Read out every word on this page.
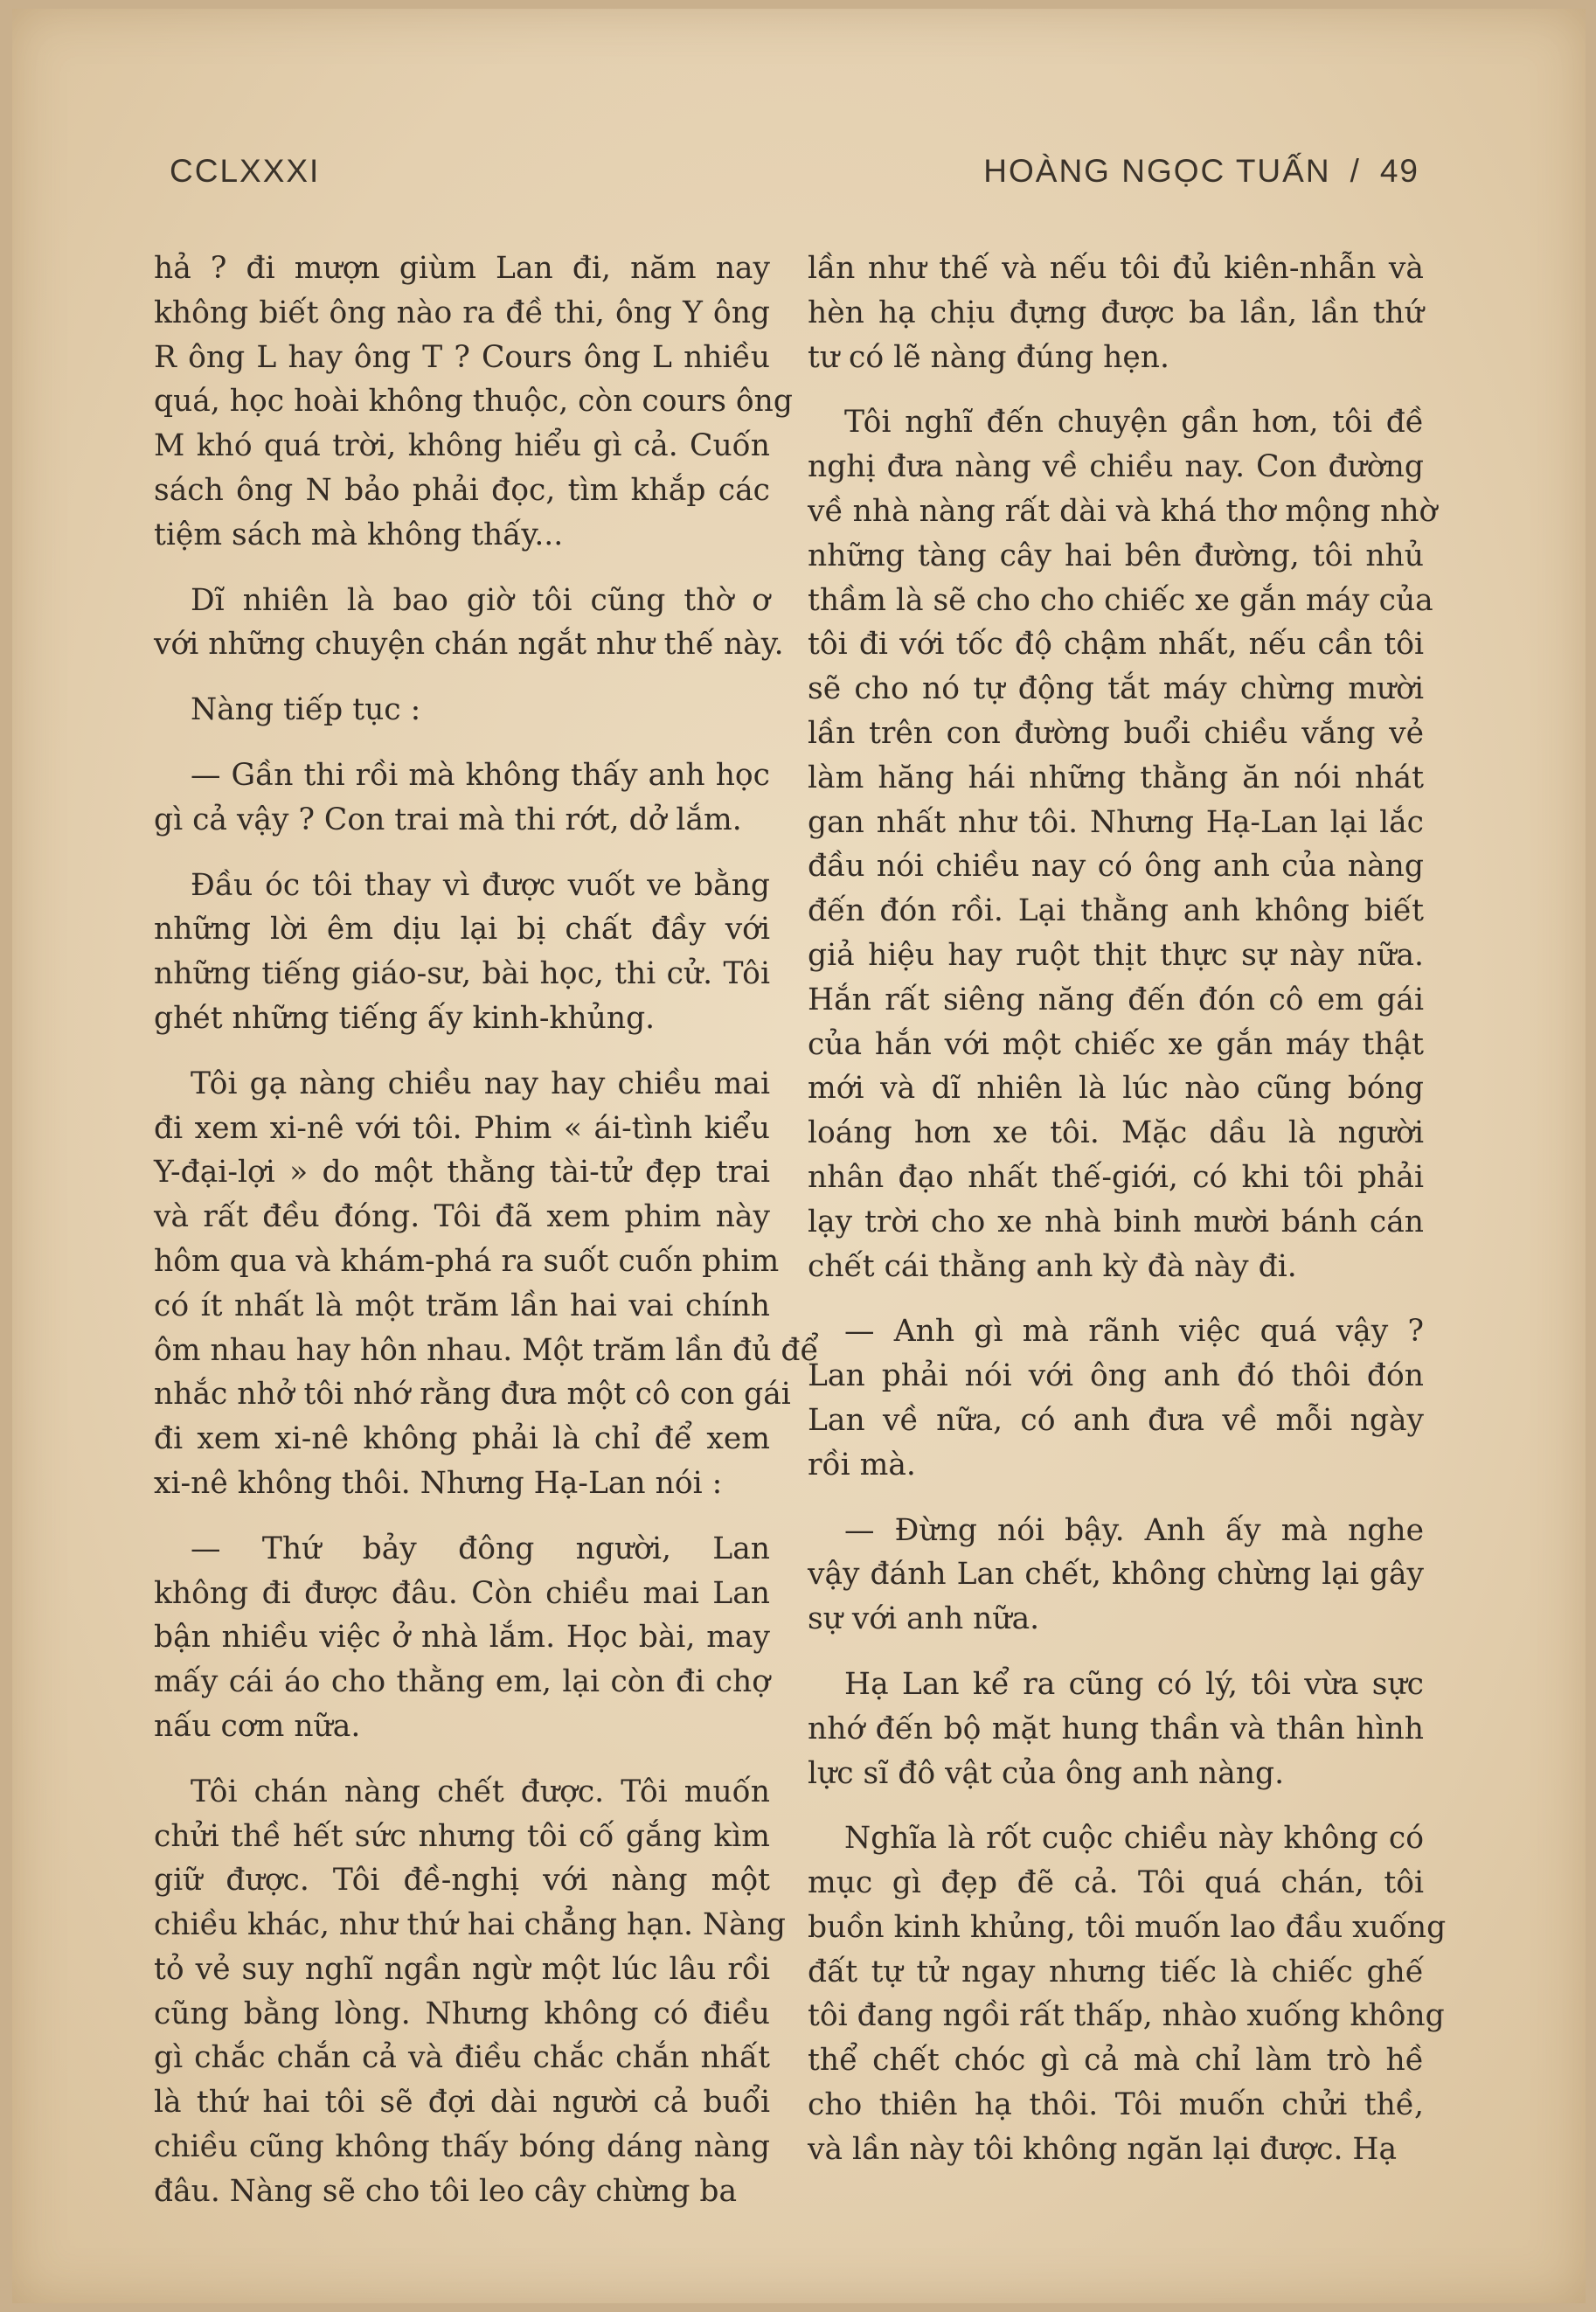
CCLXXXI	HOÀNG NGỌC TUẤN / 49
hả ? đi mượn giùm Lan đi, năm nay
không biết ông nào ra đề thi, ông Y ông
R ông L hay ông T ? Cours ông L nhiều
quá, học hoài không thuộc, còn cours ông
M khó quá trời, không hiểu gì cả. Cuốn
sách ông N bảo phải đọc, tìm khắp các
tiệm sách mà không thấy...
Dĩ nhiên là bao giờ tôi cũng thờ ơ
với những chuyện chán ngắt như thế này.
Nàng tiếp tục :
— Gần thi rồi mà không thấy anh học
gì cả vậy ? Con trai mà thi rớt, dở lắm.
Đầu óc tôi thay vì được vuốt ve bằng
những lời êm dịu lại bị chất đầy với
những tiếng giáo-sư, bài học, thi cử. Tôi
ghét những tiếng ấy kinh-khủng.
Tôi gạ nàng chiều nay hay chiều mai
đi xem xi-nê với tôi. Phim « ái-tình kiểu
Y-đại-lợi » do một thằng tài-tử đẹp trai
và rất đều đóng. Tôi đã xem phim này
hôm qua và khám-phá ra suốt cuốn phim
có ít nhất là một trăm lần hai vai chính
ôm nhau hay hôn nhau. Một trăm lần đủ để
nhắc nhở tôi nhớ rằng đưa một cô con gái
đi xem xi-nê không phải là chỉ để xem
xi-nê không thôi. Nhưng Hạ-Lan nói :
— Thứ bảy đông người, Lan
không đi được đâu. Còn chiều mai Lan
bận nhiều việc ở nhà lắm. Học bài, may
mấy cái áo cho thằng em, lại còn đi chợ
nấu cơm nữa.
Tôi chán nàng chết được. Tôi muốn
chửi thề hết sức nhưng tôi cố gắng kìm
giữ được. Tôi đề-nghị với nàng một
chiều khác, như thứ hai chẳng hạn. Nàng
tỏ vẻ suy nghĩ ngần ngừ một lúc lâu rồi
cũng bằng lòng. Nhưng không có điều
gì chắc chắn cả và điều chắc chắn nhất
là thứ hai tôi sẽ đợi dài người cả buổi
chiều cũng không thấy bóng dáng nàng
đâu. Nàng sẽ cho tôi leo cây chừng ba
lần như thế và nếu tôi đủ kiên-nhẫn và
hèn hạ chịu đựng được ba lần, lần thứ
tư có lẽ nàng đúng hẹn.
Tôi nghĩ đến chuyện gần hơn, tôi đề
nghị đưa nàng về chiều nay. Con đường
về nhà nàng rất dài và khá thơ mộng nhờ
những tàng cây hai bên đường, tôi nhủ
thầm là sẽ cho cho chiếc xe gắn máy của
tôi đi với tốc độ chậm nhất, nếu cần tôi
sẽ cho nó tự động tắt máy chừng mười
lần trên con đường buổi chiều vắng vẻ
làm hăng hái những thằng ăn nói nhát
gan nhất như tôi. Nhưng Hạ-Lan lại lắc
đầu nói chiều nay có ông anh của nàng
đến đón rồi. Lại thằng anh không biết
giả hiệu hay ruột thịt thực sự này nữa.
Hắn rất siêng năng đến đón cô em gái
của hắn với một chiếc xe gắn máy thật
mới và dĩ nhiên là lúc nào cũng bóng
loáng hơn xe tôi. Mặc dầu là người
nhân đạo nhất thế-giới, có khi tôi phải
lạy trời cho xe nhà binh mười bánh cán
chết cái thằng anh kỳ đà này đi.
— Anh gì mà rãnh việc quá vậy ?
Lan phải nói với ông anh đó thôi đón
Lan về nữa, có anh đưa về mỗi ngày
rồi mà.
— Đừng nói bậy. Anh ấy mà nghe
vậy đánh Lan chết, không chừng lại gây
sự với anh nữa.
Hạ Lan kể ra cũng có lý, tôi vừa sực
nhớ đến bộ mặt hung thần và thân hình
lực sĩ đô vật của ông anh nàng.
Nghĩa là rốt cuộc chiều này không có
mục gì đẹp đẽ cả. Tôi quá chán, tôi
buồn kinh khủng, tôi muốn lao đầu xuống
đất tự tử ngay nhưng tiếc là chiếc ghế
tôi đang ngồi rất thấp, nhào xuống không
thể chết chóc gì cả mà chỉ làm trò hề
cho thiên hạ thôi. Tôi muốn chửi thề,
và lần này tôi không ngăn lại được. Hạ
